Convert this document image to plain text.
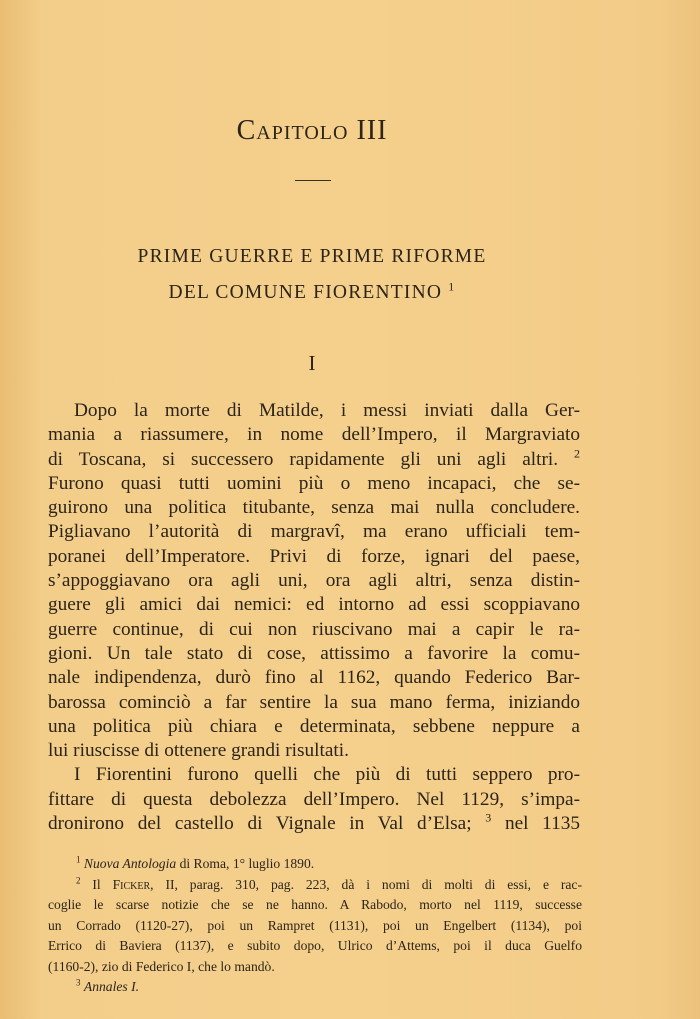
Capitolo III
PRIME GUERRE E PRIME RIFORME
DEL COMUNE FIORENTINO $^1$
I
Dopo la morte di Matilde, i messi inviati dalla Ger-
mania a riassumere, in nome dell’Impero, il Margraviato
di Toscana, si successero rapidamente gli uni agli altri. $^2$
Furono quasi tutti uomini più o meno incapaci, che se-
guirono una politica titubante, senza mai nulla concludere.
Pigliavano l’autorità di margravî, ma erano ufficiali tem-
poranei dell’Imperatore. Privi di forze, ignari del paese,
s’appoggiavano ora agli uni, ora agli altri, senza distin-
guere gli amici dai nemici: ed intorno ad essi scoppiavano
guerre continue, di cui non riuscivano mai a capir le ra-
gioni. Un tale stato di cose, attissimo a favorire la comu-
nale indipendenza, durò fino al 1162, quando Federico Bar-
barossa cominciò a far sentire la sua mano ferma, iniziando
una politica più chiara e determinata, sebbene neppure a
lui riuscisse di ottenere grandi risultati.
I Fiorentini furono quelli che più di tutti seppero pro-
fittare di questa debolezza dell’Impero. Nel 1129, s’impa-
dronirono del castello di Vignale in Val d’Elsa; $^3$ nel 1135
$^1$ Nuova Antologia di Roma, 1° luglio 1890.
$^2$ Il Ficker, II, parag. 310, pag. 223, dà i nomi di molti di essi, e rac-
coglie le scarse notizie che se ne hanno. A Rabodo, morto nel 1119, successe
un Corrado (1120-27), poi un Rampret (1131), poi un Engelbert (1134), poi
Errico di Baviera (1137), e subito dopo, Ulrico d’Attems, poi il duca Guelfo
(1160-2), zio di Federico I, che lo mandò.
$^3$ Annales I.
